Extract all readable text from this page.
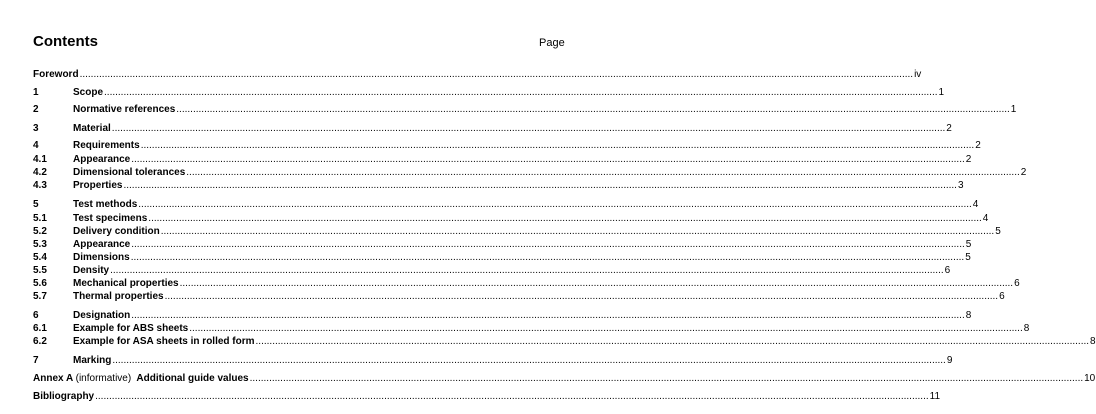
Contents	Page
Foreword ............................................................................................................................................................................................................................................................................................................ iv
1	Scope ............................................................................................................................................................................................................................................................................................................ 1
2	Normative references ............................................................................................................................................................................................................................................................................................................ 1
3	Material ............................................................................................................................................................................................................................................................................................................ 2
4	Requirements ............................................................................................................................................................................................................................................................................................................ 2
4.1	Appearance ............................................................................................................................................................................................................................................................................................................ 2
4.2	Dimensional tolerances ............................................................................................................................................................................................................................................................................................................ 2
4.3	Properties ............................................................................................................................................................................................................................................................................................................ 3
5	Test methods ............................................................................................................................................................................................................................................................................................................ 4
5.1	Test specimens ............................................................................................................................................................................................................................................................................................................ 4
5.2	Delivery condition ............................................................................................................................................................................................................................................................................................................ 5
5.3	Appearance ............................................................................................................................................................................................................................................................................................................ 5
5.4	Dimensions ............................................................................................................................................................................................................................................................................................................ 5
5.5	Density ............................................................................................................................................................................................................................................................................................................ 6
5.6	Mechanical properties ............................................................................................................................................................................................................................................................................................................ 6
5.7	Thermal properties ............................................................................................................................................................................................................................................................................................................ 6
6	Designation ............................................................................................................................................................................................................................................................................................................ 8
6.1	Example for ABS sheets ............................................................................................................................................................................................................................................................................................................ 8
6.2	Example for ASA sheets in rolled form ............................................................................................................................................................................................................................................................................................................ 8
7	Marking ............................................................................................................................................................................................................................................................................................................ 9
Annex A (informative) Additional guide values ............................................................................................................................................................................................................................................................................................................ 10
Bibliography ............................................................................................................................................................................................................................................................................................................ 11
